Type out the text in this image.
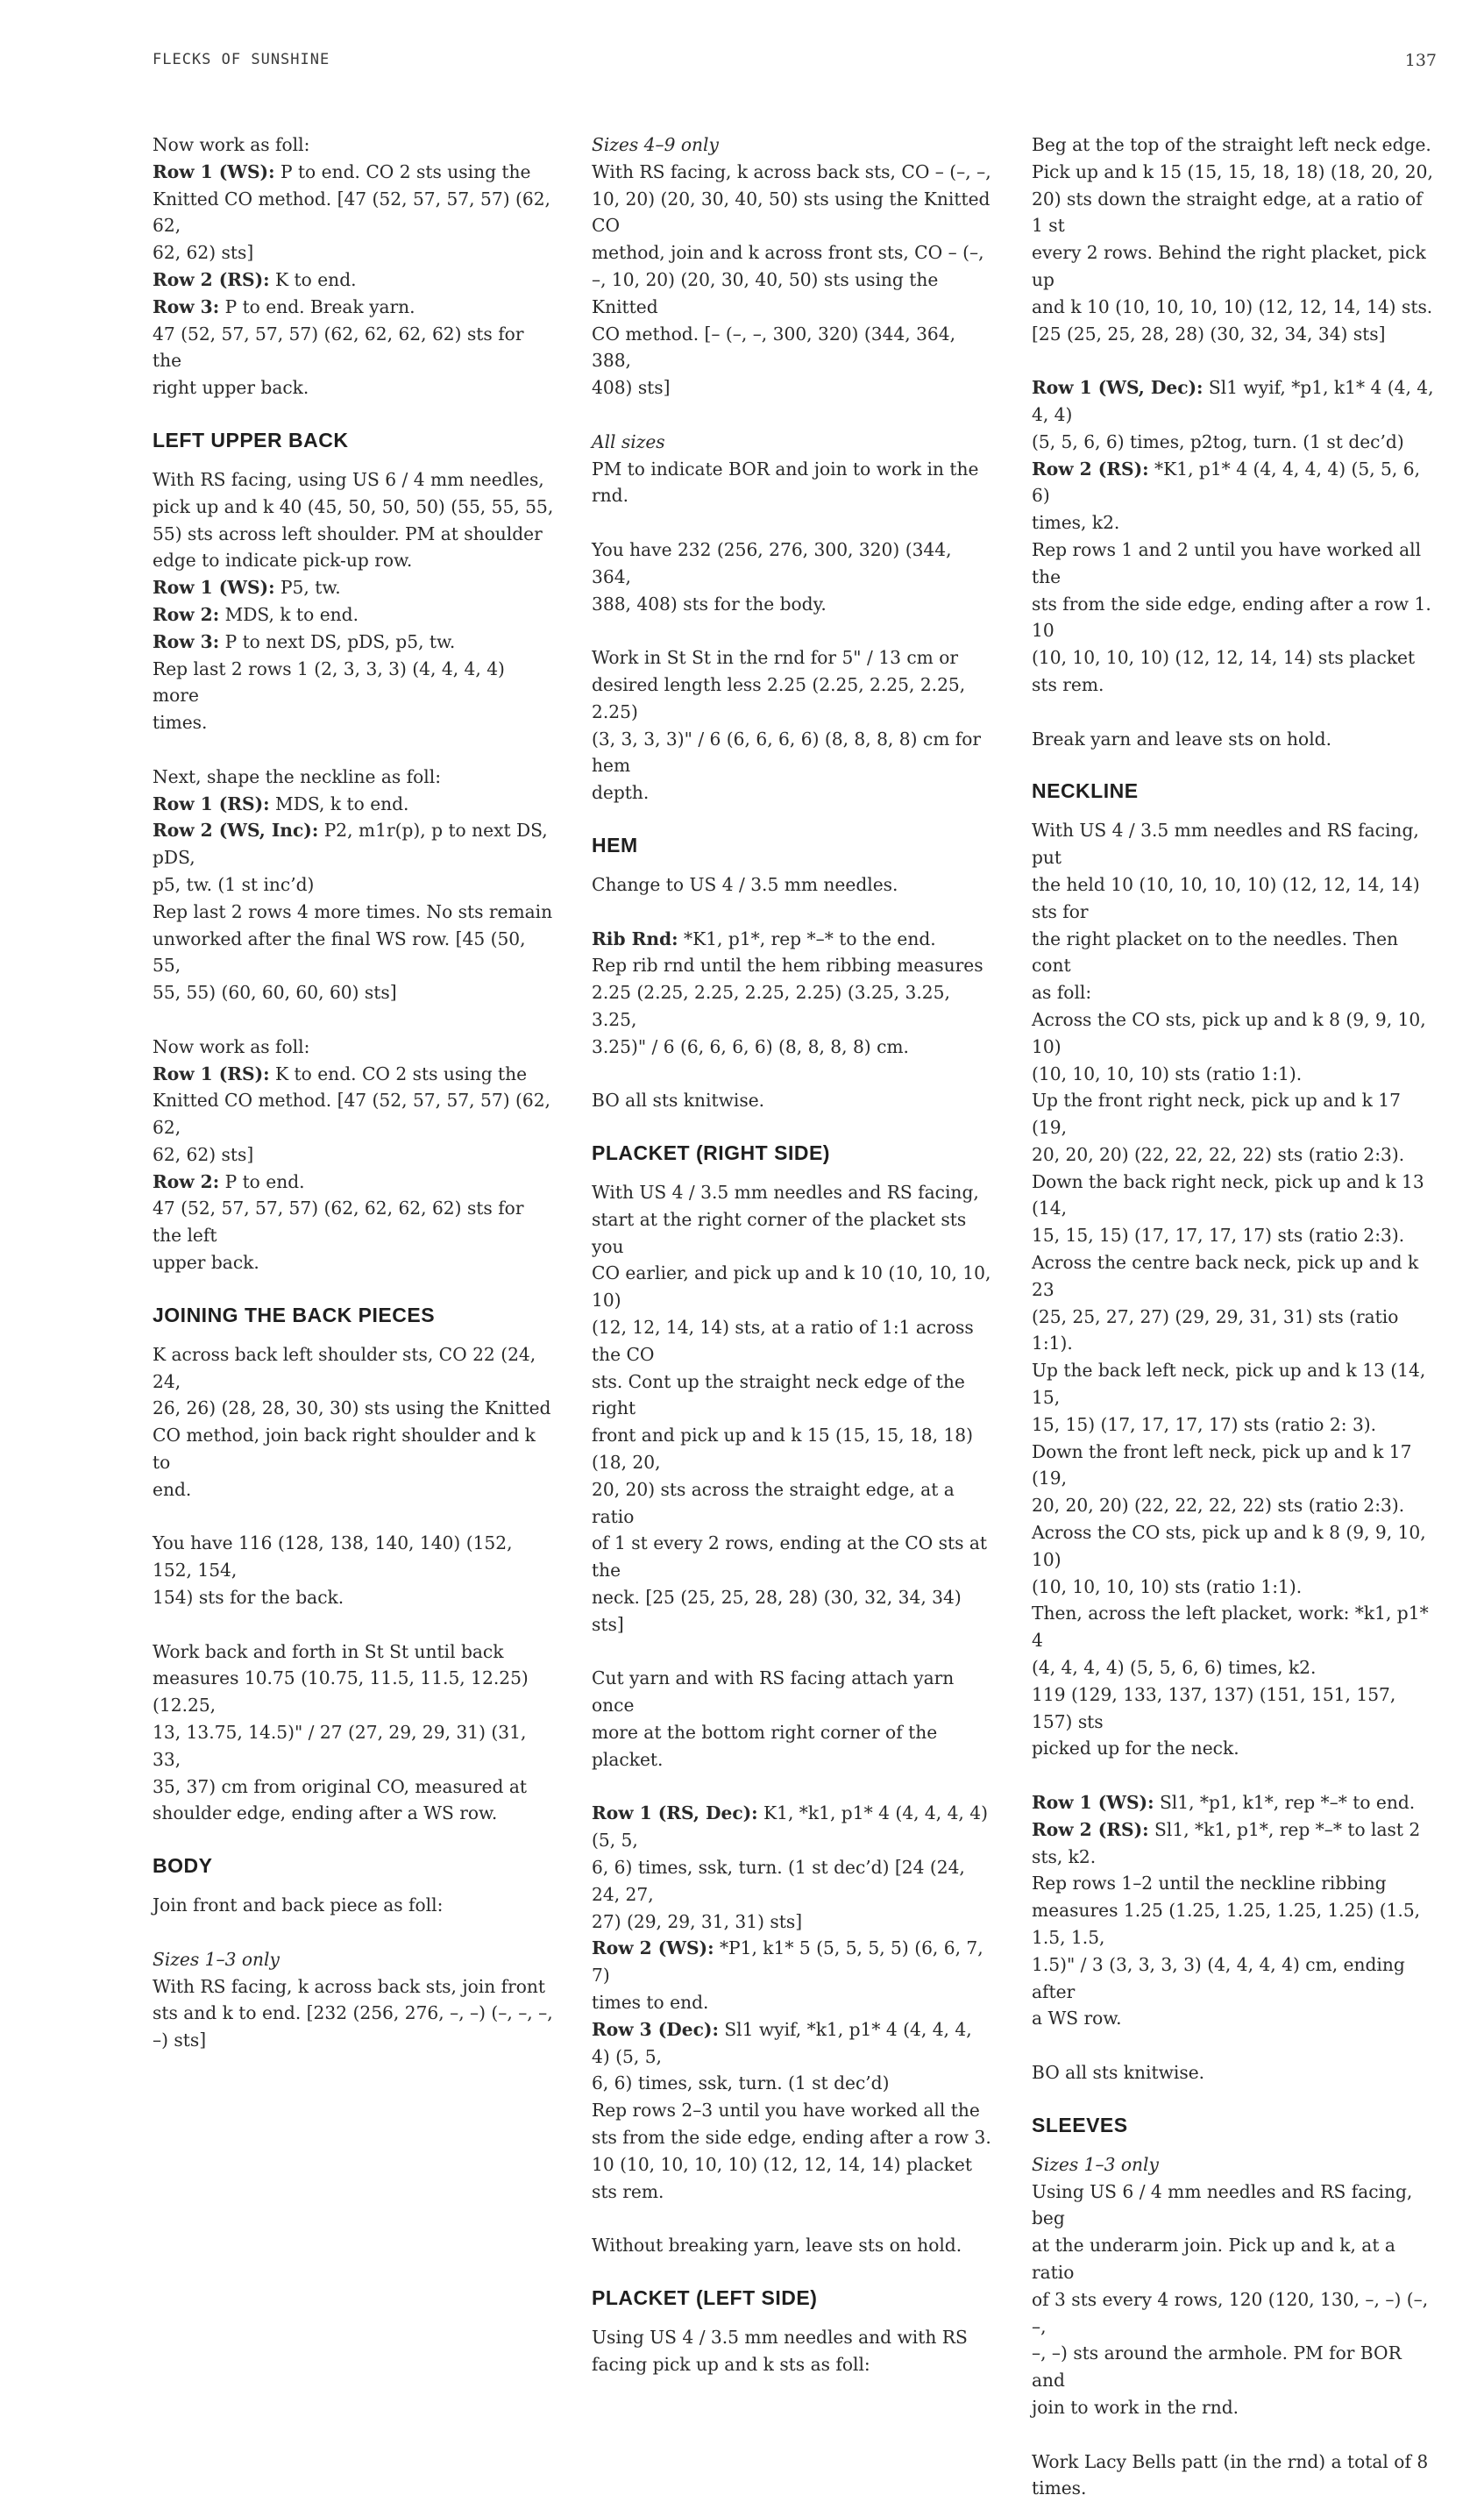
FLECKS OF SUNSHINE	137

Now work as foll:
Row 1 (WS): P to end. CO 2 sts using the
Knitted CO method. [47 (52, 57, 57, 57) (62, 62,
62, 62) sts]
Row 2 (RS): K to end.
Row 3: P to end. Break yarn.
47 (52, 57, 57, 57) (62, 62, 62, 62) sts for the
right upper back.

LEFT UPPER BACK

With RS facing, using US 6 / 4 mm needles,
pick up and k 40 (45, 50, 50, 50) (55, 55, 55,
55) sts across left shoulder. PM at shoulder
edge to indicate pick-up row.
Row 1 (WS): P5, tw.
Row 2: MDS, k to end.
Row 3: P to next DS, pDS, p5, tw.
Rep last 2 rows 1 (2, 3, 3, 3) (4, 4, 4, 4) more
times.

Next, shape the neckline as foll:
Row 1 (RS): MDS, k to end.
Row 2 (WS, Inc): P2, m1r(p), p to next DS, pDS,
p5, tw. (1 st inc’d)
Rep last 2 rows 4 more times. No sts remain
unworked after the final WS row. [45 (50, 55,
55, 55) (60, 60, 60, 60) sts]

Now work as foll:
Row 1 (RS): K to end. CO 2 sts using the
Knitted CO method. [47 (52, 57, 57, 57) (62, 62,
62, 62) sts]
Row 2: P to end.
47 (52, 57, 57, 57) (62, 62, 62, 62) sts for the left
upper back.

JOINING THE BACK PIECES

K across back left shoulder sts, CO 22 (24, 24,
26, 26) (28, 28, 30, 30) sts using the Knitted
CO method, join back right shoulder and k to
end.

You have 116 (128, 138, 140, 140) (152, 152, 154,
154) sts for the back.

Work back and forth in St St until back
measures 10.75 (10.75, 11.5, 11.5, 12.25) (12.25,
13, 13.75, 14.5)" / 27 (27, 29, 29, 31) (31, 33,
35, 37) cm from original CO, measured at
shoulder edge, ending after a WS row.

BODY

Join front and back piece as foll:

Sizes 1–3 only
With RS facing, k across back sts, join front
sts and k to end. [232 (256, 276, –, –) (–, –, –,
–) sts]

Sizes 4–9 only
With RS facing, k across back sts, CO – (–, –,
10, 20) (20, 30, 40, 50) sts using the Knitted CO
method, join and k across front sts, CO – (–,
–, 10, 20) (20, 30, 40, 50) sts using the Knitted
CO method. [– (–, –, 300, 320) (344, 364, 388,
408) sts]

All sizes
PM to indicate BOR and join to work in the rnd.

You have 232 (256, 276, 300, 320) (344, 364,
388, 408) sts for the body.

Work in St St in the rnd for 5" / 13 cm or
desired length less 2.25 (2.25, 2.25, 2.25, 2.25)
(3, 3, 3, 3)" / 6 (6, 6, 6, 6) (8, 8, 8, 8) cm for hem
depth.

HEM

Change to US 4 / 3.5 mm needles.

Rib Rnd: *K1, p1*, rep *–* to the end.
Rep rib rnd until the hem ribbing measures
2.25 (2.25, 2.25, 2.25, 2.25) (3.25, 3.25, 3.25,
3.25)" / 6 (6, 6, 6, 6) (8, 8, 8, 8) cm.

BO all sts knitwise.

PLACKET (RIGHT SIDE)

With US 4 / 3.5 mm needles and RS facing,
start at the right corner of the placket sts you
CO earlier, and pick up and k 10 (10, 10, 10, 10)
(12, 12, 14, 14) sts, at a ratio of 1:1 across the CO
sts. Cont up the straight neck edge of the right
front and pick up and k 15 (15, 15, 18, 18) (18, 20,
20, 20) sts across the straight edge, at a ratio
of 1 st every 2 rows, ending at the CO sts at the
neck. [25 (25, 25, 28, 28) (30, 32, 34, 34) sts]

Cut yarn and with RS facing attach yarn once
more at the bottom right corner of the placket.

Row 1 (RS, Dec): K1, *k1, p1* 4 (4, 4, 4, 4) (5, 5,
6, 6) times, ssk, turn. (1 st dec’d) [24 (24, 24, 27,
27) (29, 29, 31, 31) sts]
Row 2 (WS): *P1, k1* 5 (5, 5, 5, 5) (6, 6, 7, 7)
times to end.
Row 3 (Dec): Sl1 wyif, *k1, p1* 4 (4, 4, 4, 4) (5, 5,
6, 6) times, ssk, turn. (1 st dec’d)
Rep rows 2–3 until you have worked all the
sts from the side edge, ending after a row 3.
10 (10, 10, 10, 10) (12, 12, 14, 14) placket sts rem.

Without breaking yarn, leave sts on hold.

PLACKET (LEFT SIDE)

Using US 4 / 3.5 mm needles and with RS
facing pick up and k sts as foll:

Beg at the top of the straight left neck edge.
Pick up and k 15 (15, 15, 18, 18) (18, 20, 20,
20) sts down the straight edge, at a ratio of 1 st
every 2 rows. Behind the right placket, pick up
and k 10 (10, 10, 10, 10) (12, 12, 14, 14) sts.
[25 (25, 25, 28, 28) (30, 32, 34, 34) sts]

Row 1 (WS, Dec): Sl1 wyif, *p1, k1* 4 (4, 4, 4, 4)
(5, 5, 6, 6) times, p2tog, turn. (1 st dec’d)
Row 2 (RS): *K1, p1* 4 (4, 4, 4, 4) (5, 5, 6, 6)
times, k2.
Rep rows 1 and 2 until you have worked all the
sts from the side edge, ending after a row 1. 10
(10, 10, 10, 10) (12, 12, 14, 14) sts placket sts rem.

Break yarn and leave sts on hold.

NECKLINE

With US 4 / 3.5 mm needles and RS facing, put
the held 10 (10, 10, 10, 10) (12, 12, 14, 14) sts for
the right placket on to the needles. Then cont
as foll:
Across the CO sts, pick up and k 8 (9, 9, 10, 10)
(10, 10, 10, 10) sts (ratio 1:1).
Up the front right neck, pick up and k 17 (19,
20, 20, 20) (22, 22, 22, 22) sts (ratio 2:3).
Down the back right neck, pick up and k 13 (14,
15, 15, 15) (17, 17, 17, 17) sts (ratio 2:3).
Across the centre back neck, pick up and k 23
(25, 25, 27, 27) (29, 29, 31, 31) sts (ratio 1:1).
Up the back left neck, pick up and k 13 (14, 15,
15, 15) (17, 17, 17, 17) sts (ratio 2: 3).
Down the front left neck, pick up and k 17 (19,
20, 20, 20) (22, 22, 22, 22) sts (ratio 2:3).
Across the CO sts, pick up and k 8 (9, 9, 10, 10)
(10, 10, 10, 10) sts (ratio 1:1).
Then, across the left placket, work: *k1, p1* 4
(4, 4, 4, 4) (5, 5, 6, 6) times, k2.
119 (129, 133, 137, 137) (151, 151, 157, 157) sts
picked up for the neck.

Row 1 (WS): Sl1, *p1, k1*, rep *–* to end.
Row 2 (RS): Sl1, *k1, p1*, rep *–* to last 2 sts, k2.
Rep rows 1–2 until the neckline ribbing
measures 1.25 (1.25, 1.25, 1.25, 1.25) (1.5, 1.5, 1.5,
1.5)" / 3 (3, 3, 3, 3) (4, 4, 4, 4) cm, ending after
a WS row.

BO all sts knitwise.

SLEEVES

Sizes 1–3 only
Using US 6 / 4 mm needles and RS facing, beg
at the underarm join. Pick up and k, at a ratio
of 3 sts every 4 rows, 120 (120, 130, –, –) (–, –,
–, –) sts around the armhole. PM for BOR and
join to work in the rnd.

Work Lacy Bells patt (in the rnd) a total of 8
times.
